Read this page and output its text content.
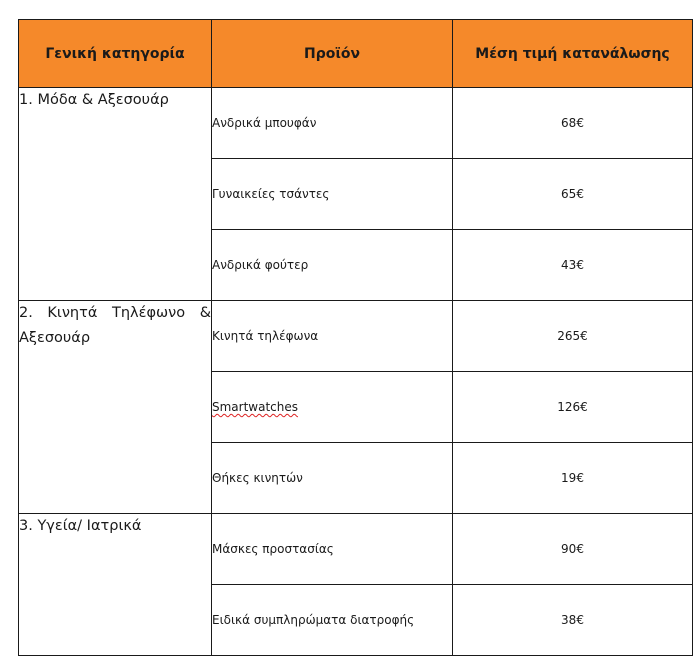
Γενική κατηγορία	Προϊόν	Μέση τιμή κατανάλωσης
1. Μόδα & Αξεσουάρ	Ανδρικά μπουφάν	68€
	Γυναικείες τσάντες	65€
	Ανδρικά φούτερ	43€
2. Κινητά Τηλέφωνο & Αξεσουάρ	Κινητά τηλέφωνα	265€
	Smartwatches	126€
	Θήκες κινητών	19€
3. Υγεία/ Ιατρικά	Μάσκες προστασίας	90€
	Ειδικά συμπληρώματα διατροφής	38€
